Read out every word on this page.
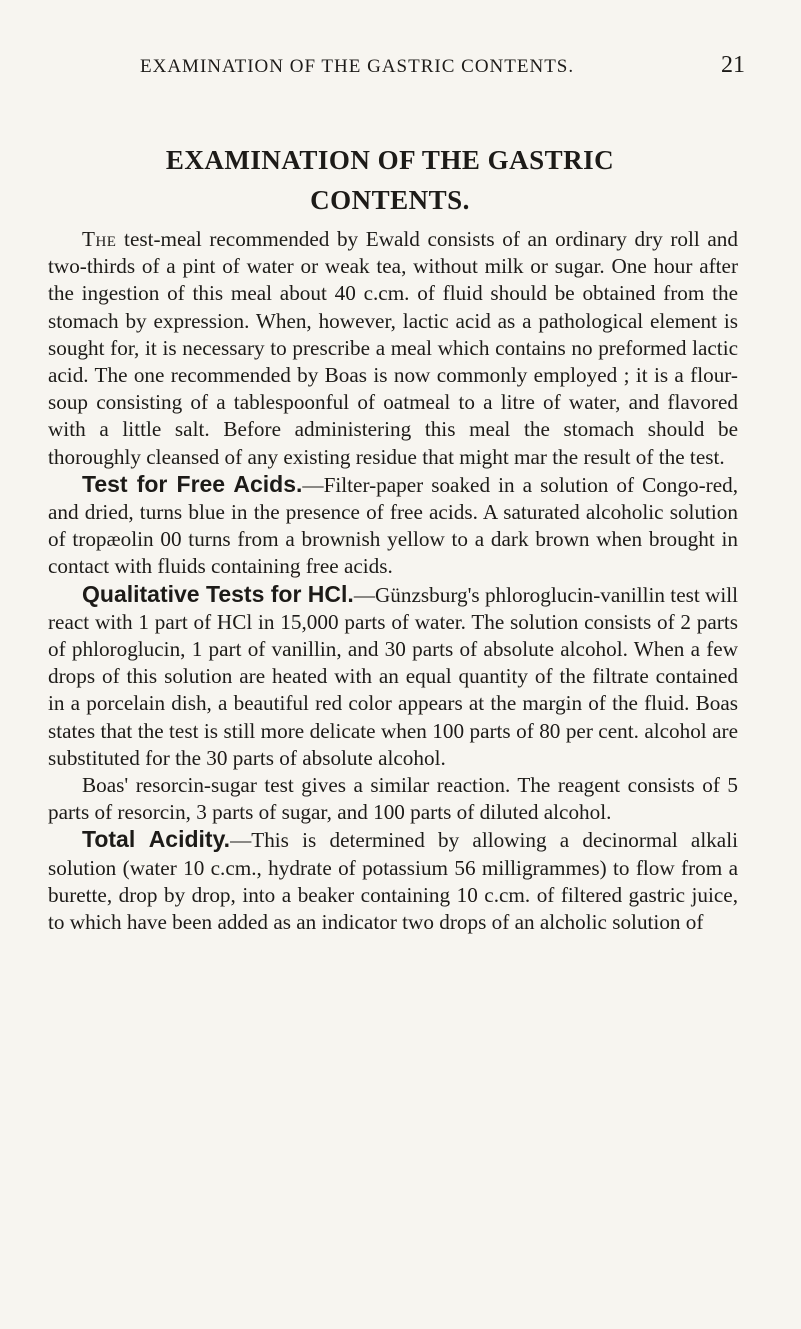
EXAMINATION OF THE GASTRIC CONTENTS.	21
EXAMINATION OF THE GASTRIC
CONTENTS.

The test-meal recommended by Ewald consists of an ordinary dry roll and two-thirds of a pint of water or weak tea, without milk or sugar. One hour after the ingestion of this meal about 40 c.cm. of fluid should be obtained from the stomach by expression. When, however, lactic acid as a pathological element is sought for, it is necessary to prescribe a meal which contains no preformed lactic acid. The one recommended by Boas is now commonly employed ; it is a flour-soup consisting of a tablespoonful of oatmeal to a litre of water, and flavored with a little salt. Before administering this meal the stomach should be thoroughly cleansed of any existing residue that might mar the result of the test.

Test for Free Acids.—Filter-paper soaked in a solution of Congo-red, and dried, turns blue in the presence of free acids. A saturated alcoholic solution of tropæolin 00 turns from a brownish yellow to a dark brown when brought in contact with fluids containing free acids.

Qualitative Tests for HCl.—Günzsburg's phloroglucin-vanillin test will react with 1 part of HCl in 15,000 parts of water. The solution consists of 2 parts of phloroglucin, 1 part of vanillin, and 30 parts of absolute alcohol. When a few drops of this solution are heated with an equal quantity of the filtrate contained in a porcelain dish, a beautiful red color appears at the margin of the fluid. Boas states that the test is still more delicate when 100 parts of 80 per cent. alcohol are substituted for the 30 parts of absolute alcohol.

Boas' resorcin-sugar test gives a similar reaction. The reagent consists of 5 parts of resorcin, 3 parts of sugar, and 100 parts of diluted alcohol.

Total Acidity.—This is determined by allowing a decinormal alkali solution (water 10 c.cm., hydrate of potassium 56 milligrammes) to flow from a burette, drop by drop, into a beaker containing 10 c.cm. of filtered gastric juice, to which have been added as an indicator two drops of an alcholic solution of
